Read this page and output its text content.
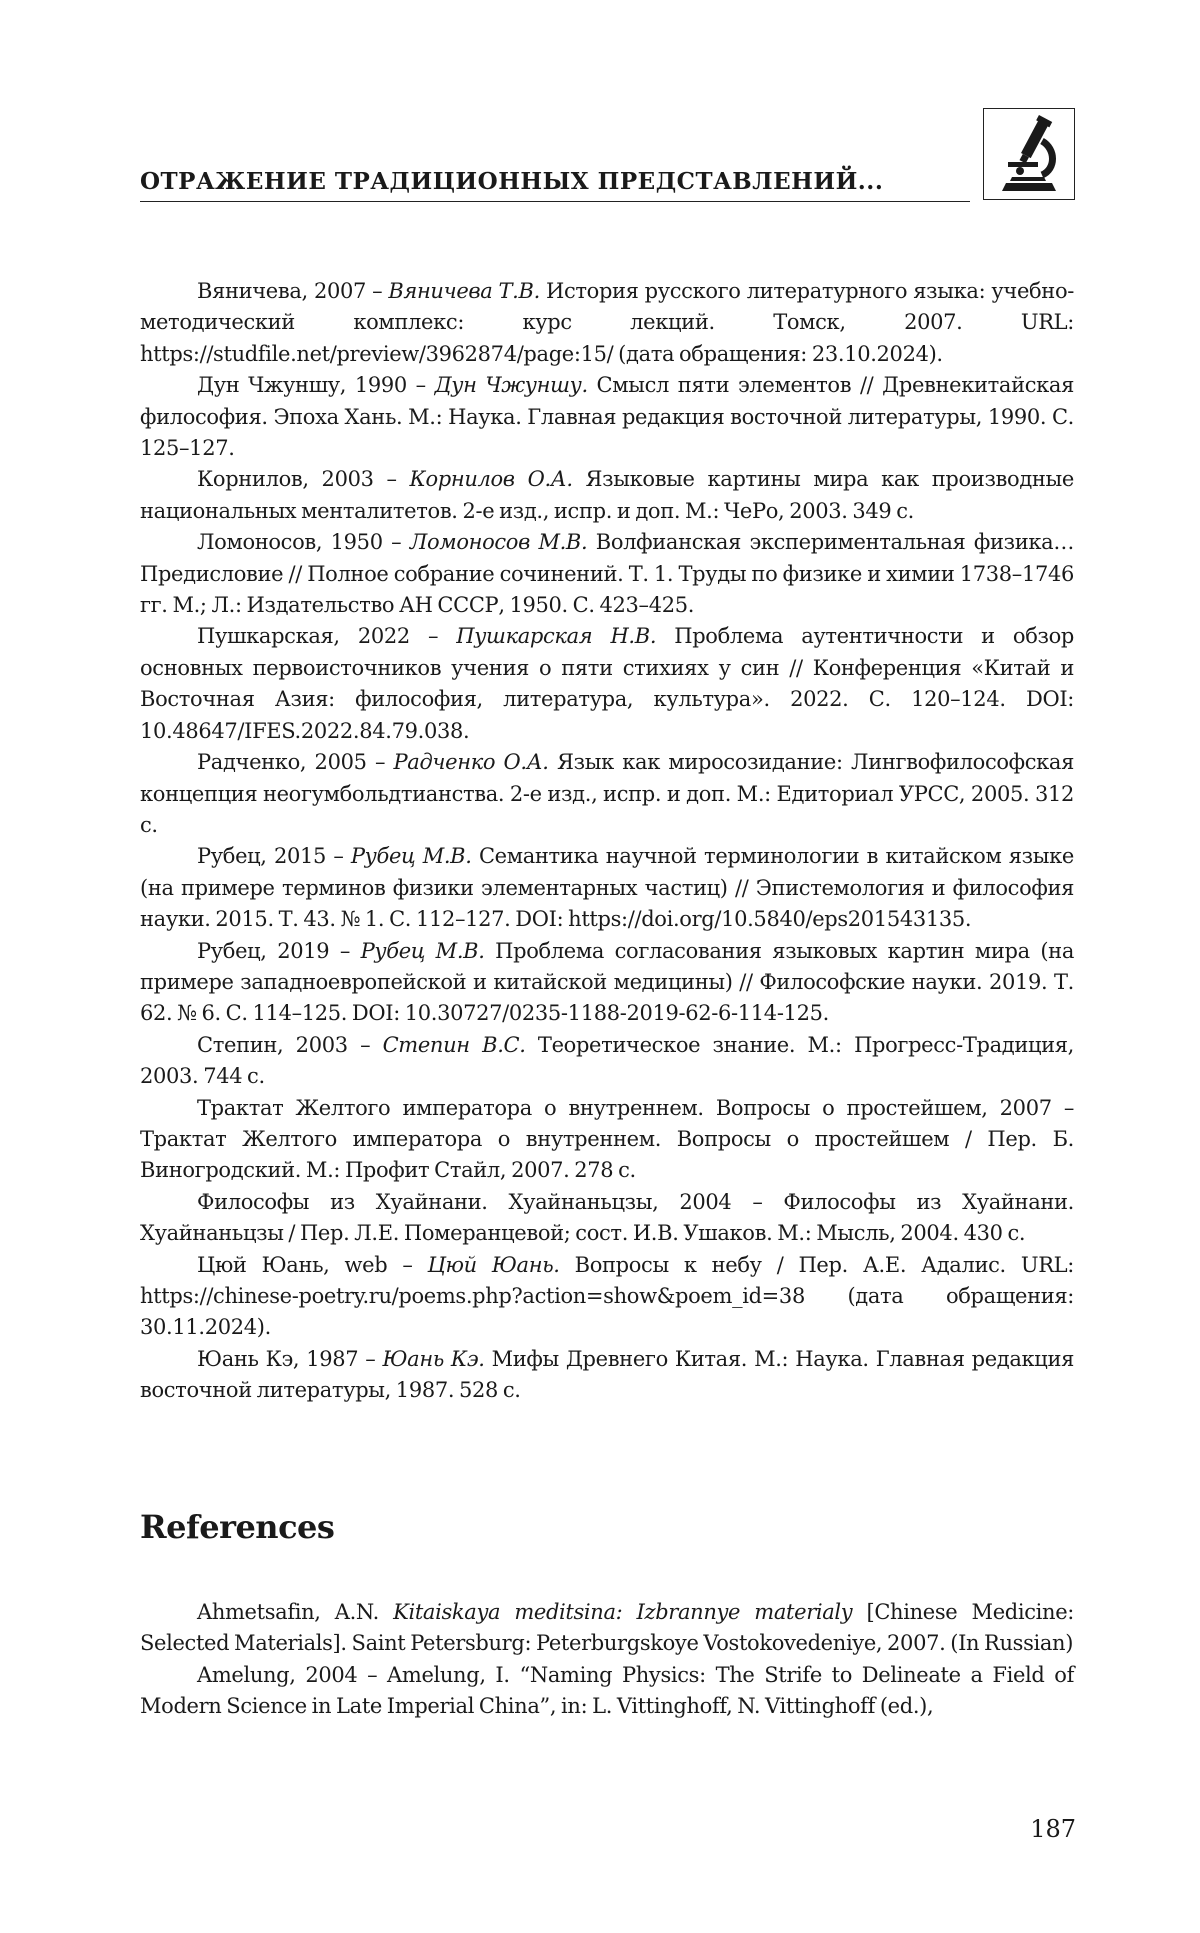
ОТРАЖЕНИЕ ТРАДИЦИОННЫХ ПРЕДСТАВЛЕНИЙ...

Вяничева, 2007 – Вяничева Т.В. История русского литературного языка: учебно-методический комплекс: курс лекций. Томск, 2007. URL: https://studfile.net/preview/3962874/page:15/ (дата обращения: 23.10.2024).

Дун Чжуншу, 1990 – Дун Чжуншу. Смысл пяти элементов // Древнекитайская философия. Эпоха Хань. М.: Наука. Главная редакция восточной литературы, 1990. С. 125–127.

Корнилов, 2003 – Корнилов О.А. Языковые картины мира как производные национальных менталитетов. 2-е изд., испр. и доп. М.: ЧеРо, 2003. 349 с.

Ломоносов, 1950 – Ломоносов М.В. Волфианская экспериментальная физика… Предисловие // Полное собрание сочинений. Т. 1. Труды по физике и химии 1738–1746 гг. М.; Л.: Издательство АН СССР, 1950. С. 423–425.

Пушкарская, 2022 – Пушкарская Н.В. Проблема аутентичности и обзор основных первоисточников учения о пяти стихиях у син // Конференция «Китай и Восточная Азия: философия, литература, культура». 2022. С. 120–124. DOI: 10.48647/IFES.2022.84.79.038.

Радченко, 2005 – Радченко О.А. Язык как миросозидание: Лингвофилософская концепция неогумбольдтианства. 2-е изд., испр. и доп. М.: Едиториал УРСС, 2005. 312 с.

Рубец, 2015 – Рубец М.В. Семантика научной терминологии в китайском языке (на примере терминов физики элементарных частиц) // Эпистемология и философия науки. 2015. Т. 43. № 1. С. 112–127. DOI: https://doi.org/10.5840/eps201543135.

Рубец, 2019 – Рубец М.В. Проблема согласования языковых картин мира (на примере западноевропейской и китайской медицины) // Философские науки. 2019. Т. 62. № 6. С. 114–125. DOI: 10.30727/0235-1188-2019-62-6-114-125.

Степин, 2003 – Степин В.С. Теоретическое знание. М.: Прогресс-Традиция, 2003. 744 с.

Трактат Желтого императора о внутреннем. Вопросы о простейшем, 2007 – Трактат Желтого императора о внутреннем. Вопросы о простейшем / Пер. Б. Виногродский. М.: Профит Стайл, 2007. 278 с.

Философы из Хуайнани. Хуайнаньцзы, 2004 – Философы из Хуайнани. Хуайнаньцзы / Пер. Л.Е. Померанцевой; сост. И.В. Ушаков. М.: Мысль, 2004. 430 с.

Цюй Юань, web – Цюй Юань. Вопросы к небу / Пер. А.Е. Адалис. URL: https://chinese-poetry.ru/poems.php?action=show&poem_id=38 (дата обращения: 30.11.2024).

Юань Кэ, 1987 – Юань Кэ. Мифы Древнего Китая. М.: Наука. Главная редакция восточной литературы, 1987. 528 с.

References

Ahmetsafin, A.N. Kitaiskaya meditsina: Izbrannye materialy [Chinese Medicine: Selected Materials]. Saint Petersburg: Peterburgskoye Vostokovedeniye, 2007. (In Russian)

Amelung, 2004 – Amelung, I. “Naming Physics: The Strife to Delineate a Field of Modern Science in Late Imperial China”, in: L. Vittinghoff, N. Vittinghoff (ed.),

187
